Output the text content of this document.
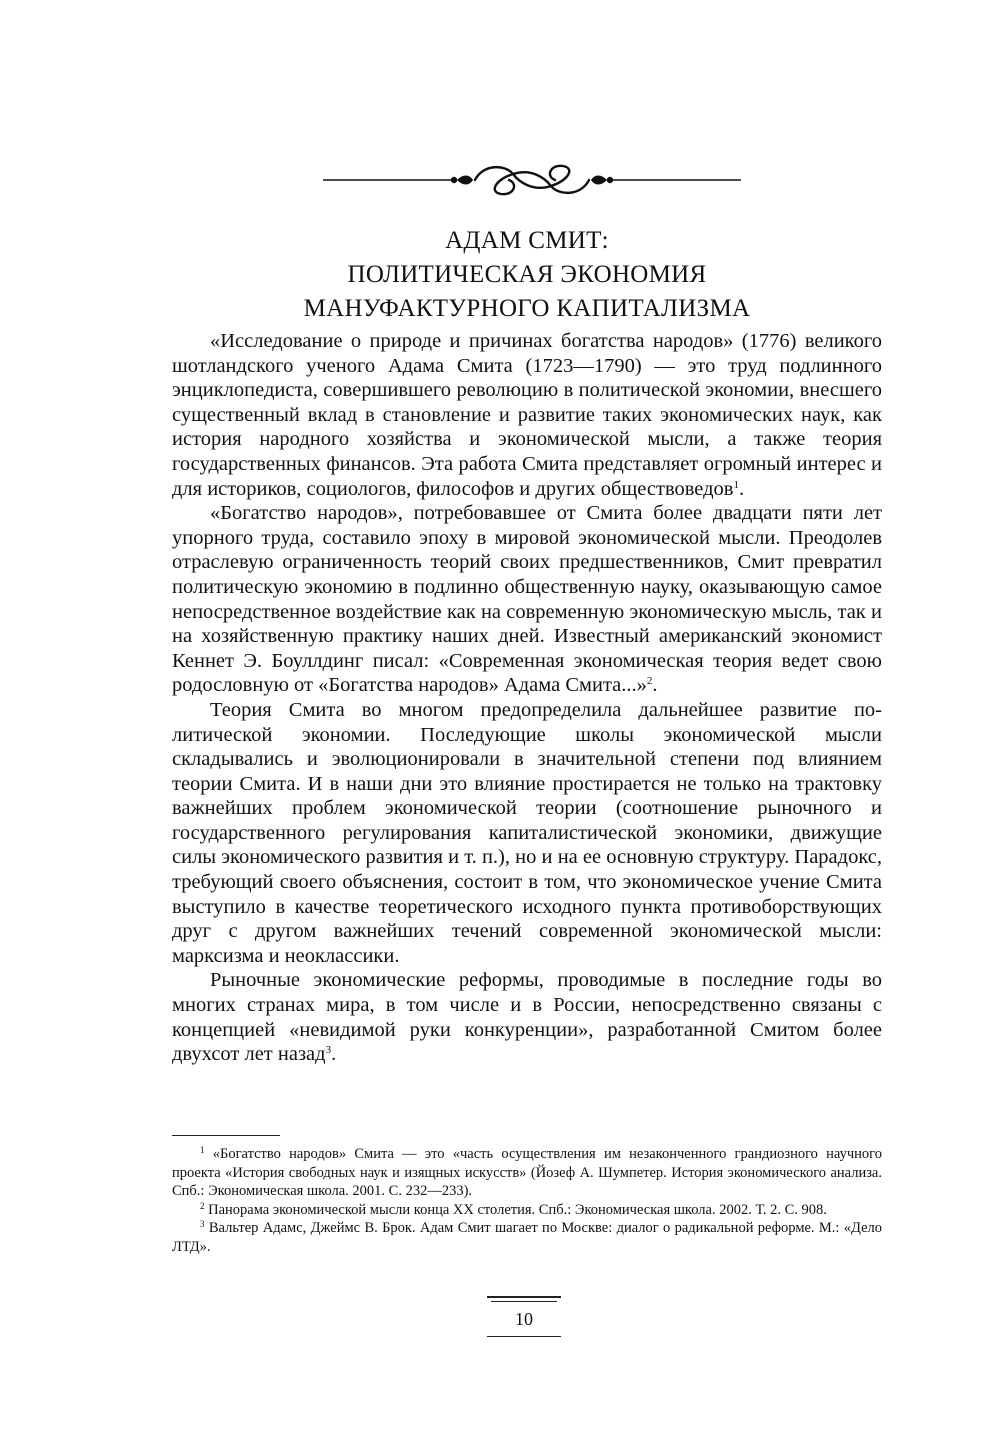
АДАМ СМИТ:
ПОЛИТИЧЕСКАЯ ЭКОНОМИЯ
МАНУФАКТУРНОГО КАПИТАЛИЗМА

«Исследование о природе и причинах богатства народов» (1776) великого шотландского ученого Адама Смита (1723—1790) — это труд подлинного энциклопедиста, совершившего революцию в политической экономии, внесшего существенный вклад в становление и развитие таких экономических наук, как история народного хозяйства и экономической мысли, а также теория государственных финансов. Эта работа Смита представляет огромный интерес и для историков, социологов, философов и других обществоведов$^1$.

«Богатство народов», потребовавшее от Смита более двадцати пяти лет упорного труда, составило эпоху в мировой экономической мысли. Преодолев отраслевую ограниченность теорий своих предшественников, Смит превратил политическую экономию в подлинно общественную науку, оказывающую самое непосредственное воздействие как на современную экономическую мысль, так и на хозяйственную практику наших дней. Известный американский экономист Кеннет Э. Боуллдинг писал: «Современная экономическая теория ведет свою родословную от «Богатства народов» Адама Смита...»$^2$.

Теория Смита во многом предопределила дальнейшее развитие политической экономии. Последующие школы экономической мысли складывались и эволюционировали в значительной степени под влиянием теории Смита. И в наши дни это влияние простирается не только на трактовку важнейших проблем экономической теории (соотношение рыночного и государственного регулирования капиталистической экономики, движущие силы экономического развития и т. п.), но и на ее основную структуру. Парадокс, требующий своего объяснения, состоит в том, что экономическое учение Смита выступило в качестве теоретического исходного пункта противоборствующих друг с другом важнейших течений современной экономической мысли: марксизма и неоклассики.

Рыночные экономические реформы, проводимые в последние годы во многих странах мира, в том числе и в России, непосредственно связаны с концепцией «невидимой руки конкуренции», разработанной Смитом более двухсот лет назад$^3$.

$^1$ «Богатство народов» Смита — это «часть осуществления им незаконченного грандиозного научного проекта «История свободных наук и изящных искусств» (Йозеф А. Шумпетер. История экономического анализа. Спб.: Экономическая школа. 2001. С. 232—233).

$^2$ Панорама экономической мысли конца XX столетия. Спб.: Экономическая школа. 2002. Т. 2. С. 908.

$^3$ Вальтер Адамс, Джеймс В. Брок. Адам Смит шагает по Москве: диалог о радикальной реформе. М.: «Дело ЛТД».

10
